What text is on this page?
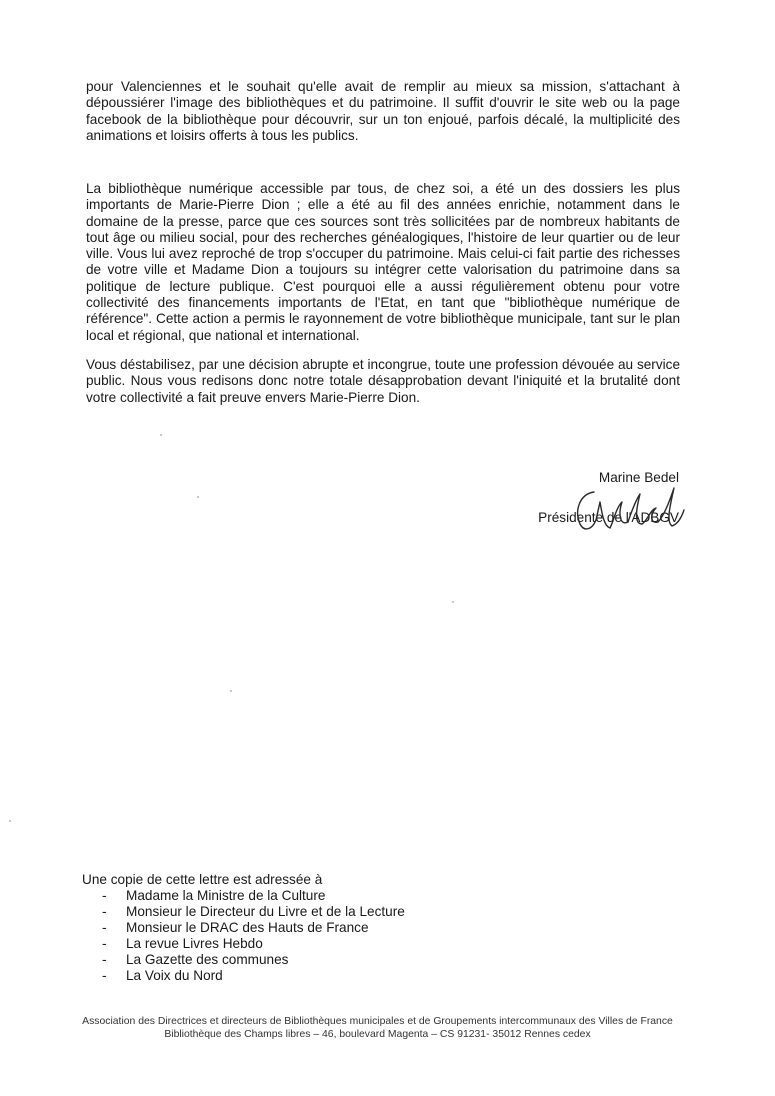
pour Valenciennes et le souhait qu'elle avait de remplir au mieux sa mission, s'attachant à dépoussiérer l'image des bibliothèques et du patrimoine. Il suffit d'ouvrir le site web ou la page facebook de la bibliothèque pour découvrir, sur un ton enjoué, parfois décalé, la multiplicité des animations et loisirs offerts à tous les publics.

La bibliothèque numérique accessible par tous, de chez soi, a été un des dossiers les plus importants de Marie-Pierre Dion ; elle a été au fil des années enrichie, notamment dans le domaine de la presse, parce que ces sources sont très sollicitées par de nombreux habitants de tout âge ou milieu social, pour des recherches généalogiques, l'histoire de leur quartier ou de leur ville. Vous lui avez reproché de trop s'occuper du patrimoine. Mais celui-ci fait partie des richesses de votre ville et Madame Dion a toujours su intégrer cette valorisation du patrimoine dans sa politique de lecture publique. C'est pourquoi elle a aussi régulièrement obtenu pour votre collectivité des financements importants de l'Etat, en tant que "bibliothèque numérique de référence". Cette action a permis le rayonnement de votre bibliothèque municipale, tant sur le plan local et régional, que national et international.

Vous déstabilisez, par une décision abrupte et incongrue, toute une profession dévouée au service public. Nous vous redisons donc notre totale désapprobation devant l'iniquité et la brutalité dont votre collectivité a fait preuve envers Marie-Pierre Dion.

Marine Bedel
Présidente de l'ADBGV
Une copie de cette lettre est adressée à
- Madame la Ministre de la Culture
- Monsieur le Directeur du Livre et de la Lecture
- Monsieur le DRAC des Hauts de France
- La revue Livres Hebdo
- La Gazette des communes
- La Voix du Nord
Association des Directrices et directeurs de Bibliothèques municipales et de Groupements intercommunaux des Villes de France
Bibliothèque des Champs libres – 46, boulevard Magenta – CS 91231- 35012 Rennes cedex
